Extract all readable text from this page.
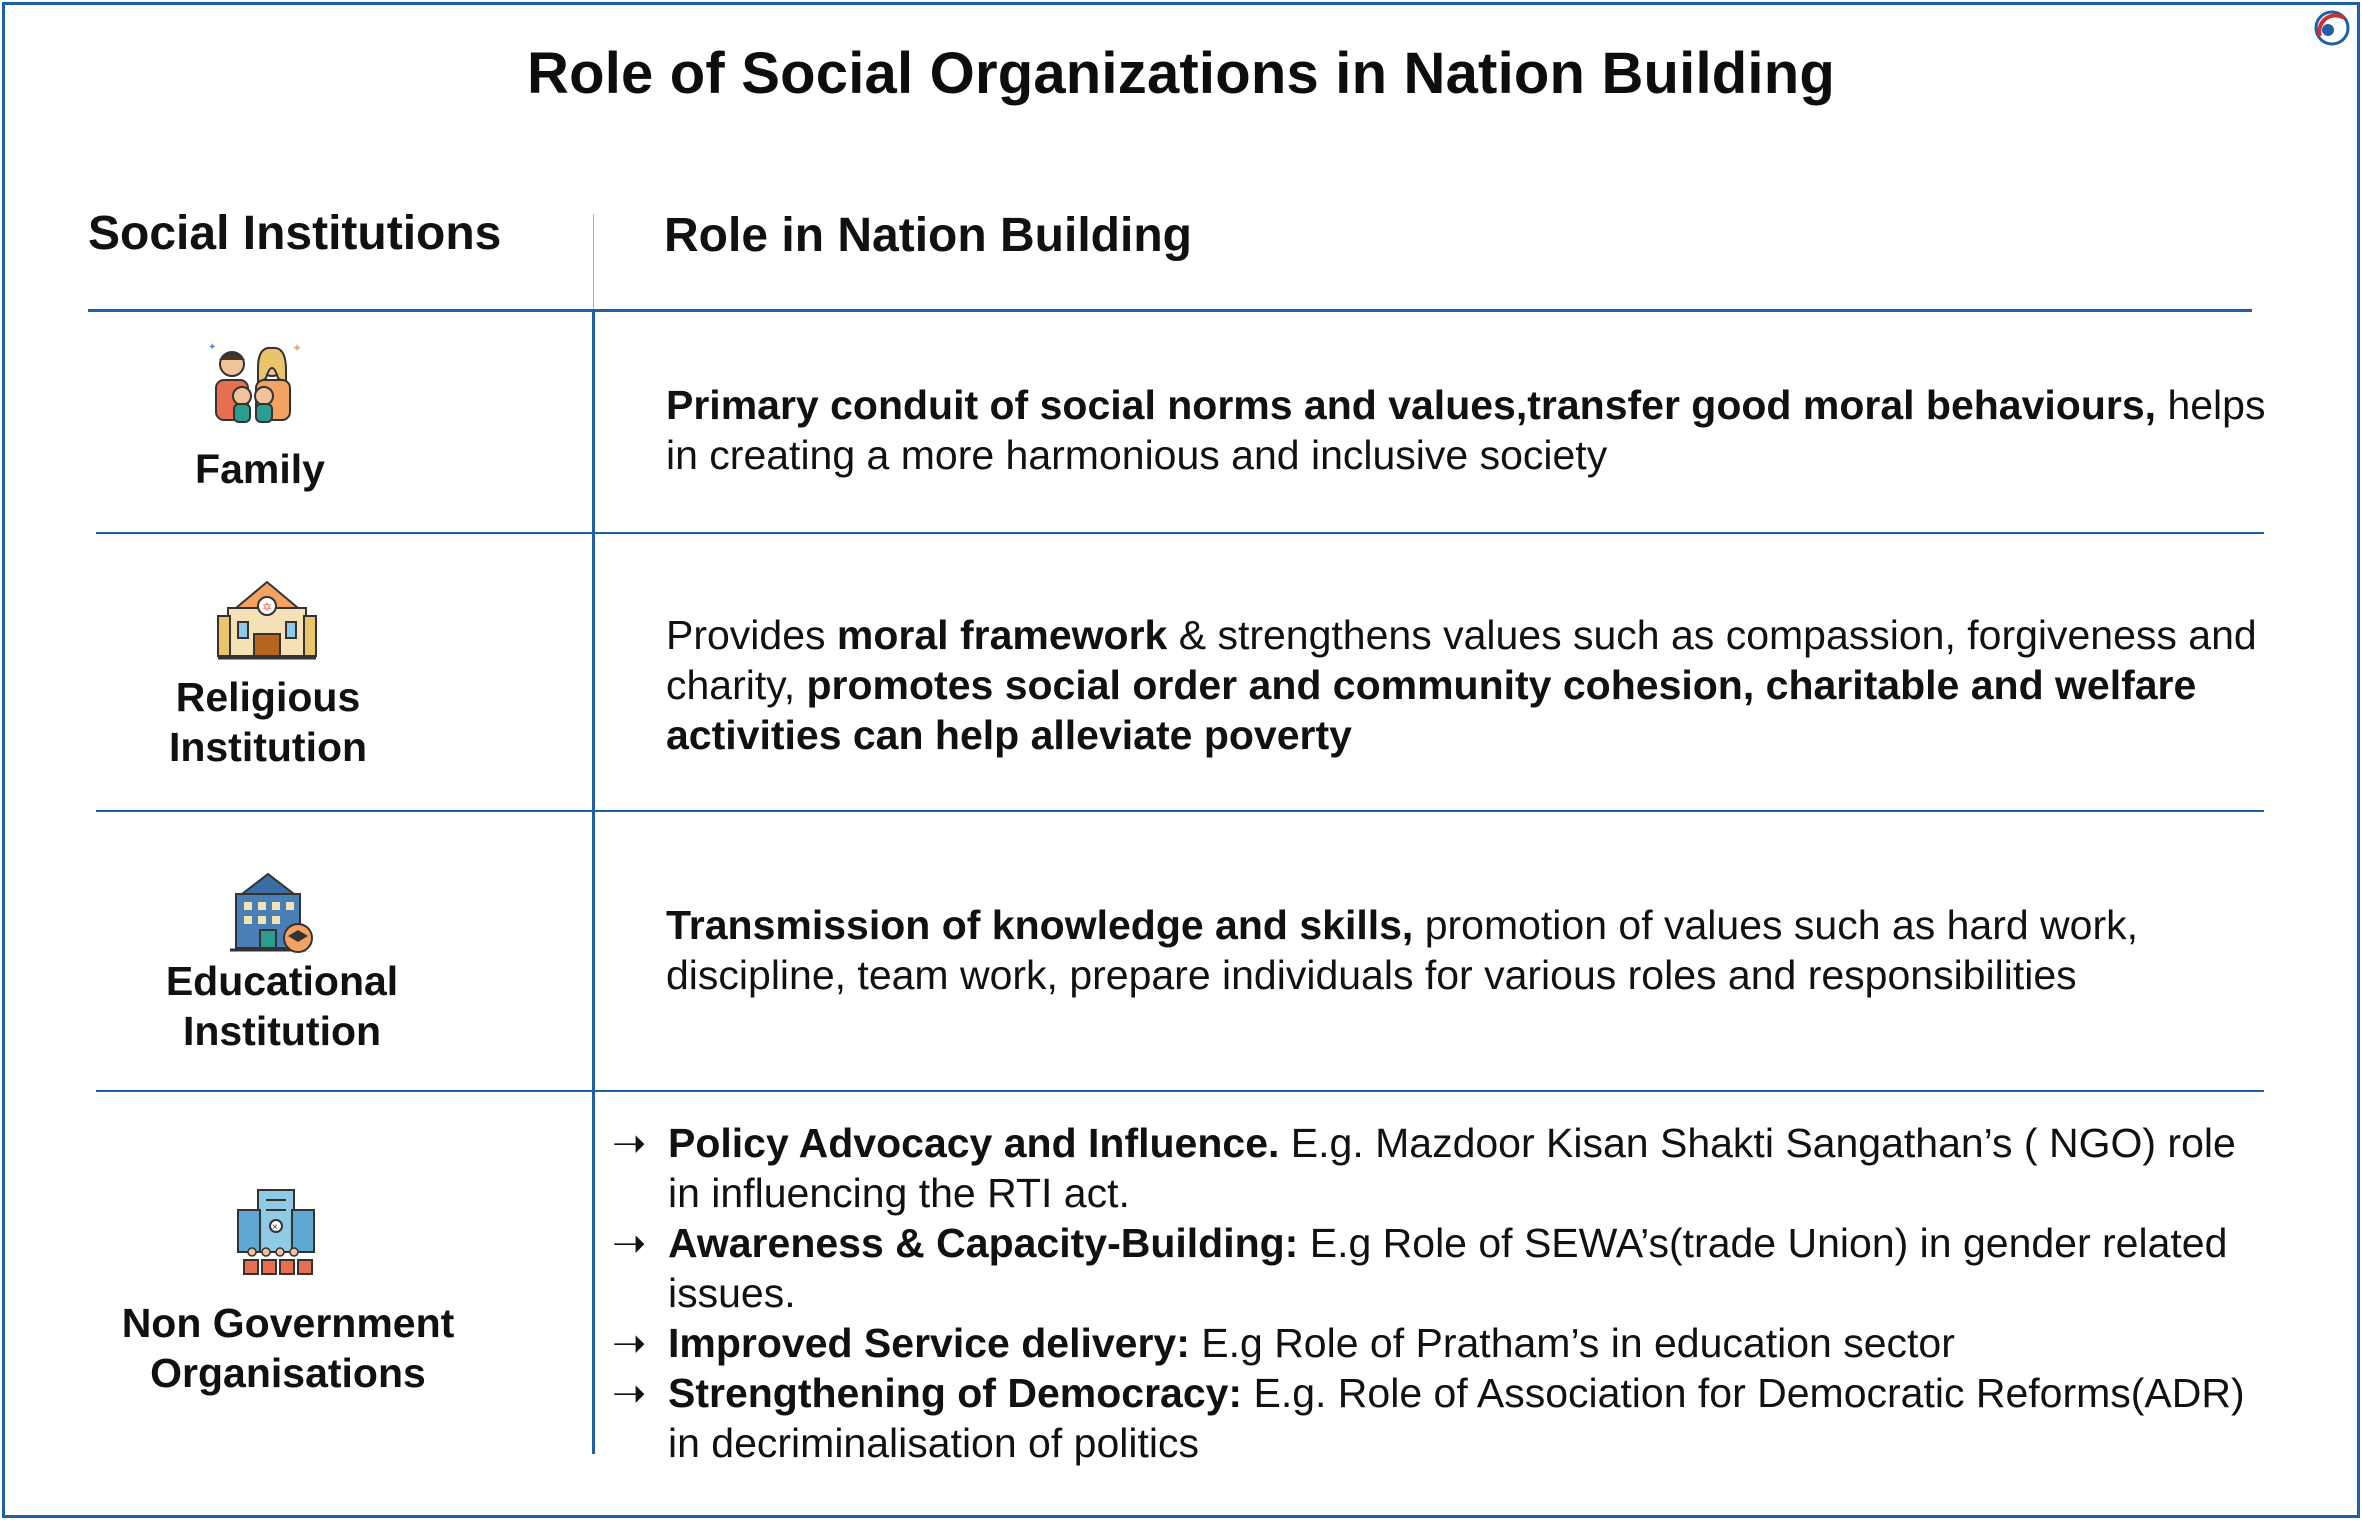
Role of Social Organizations in Nation Building
Social Institutions	Role in Nation Building
✦
✦
Family
Primary conduit of social norms and values,transfer good moral behaviours, helps in creating a more harmonious and inclusive society
✡
Religious
Institution
Provides moral framework & strengthens values such as compassion, forgiveness and charity, promotes social order and community cohesion, charitable and welfare activities can help alleviate poverty
Educational
Institution
Transmission of knowledge and skills, promotion of values such as hard work, discipline, team work, prepare individuals for various roles and responsibilities
×
Non Government
Organisations
➝ Policy Advocacy and Influence. E.g. Mazdoor Kisan Shakti Sangathan’s ( NGO) role in influencing the RTI act.
➝ Awareness & Capacity-Building: E.g Role of SEWA’s(trade Union) in gender related issues.
➝ Improved Service delivery: E.g Role of Pratham’s in education sector
➝ Strengthening of Democracy: E.g. Role of Association for Democratic Reforms(ADR) in decriminalisation of politics
